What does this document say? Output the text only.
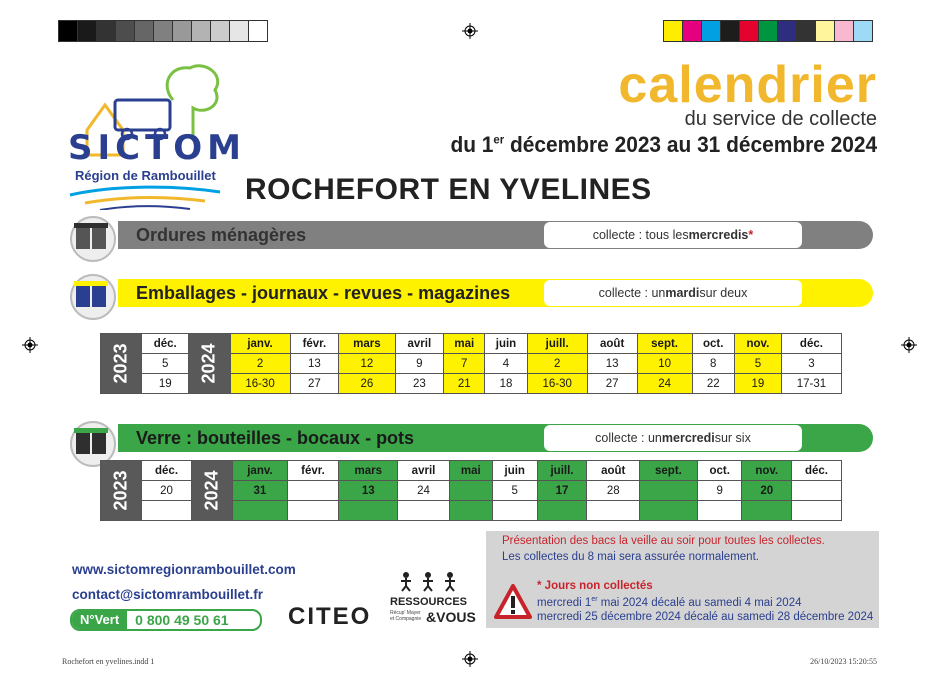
SICTOM
Région de Rambouillet
calendrier
du service de collecte
du 1er décembre 2023 au 31 décembre 2024
ROCHEFORT EN YVELINES
Ordures ménagères	collecte : tous les mercredis *
Emballages - journaux - revues - magazines	collecte : un mardi sur deux
2023	déc.	2024	janv.	févr.	mars	avril	mai	juin	juill.	août	sept.	oct.	nov.	déc.
	5		2	13	12	9	7	4	2	13	10	8	5	3
	19		16-30	27	26	23	21	18	16-30	27	24	22	19	17-31
Verre : bouteilles - bocaux - pots	collecte : un mercredi sur six
2023	déc.	2024	janv.	févr.	mars	avril	mai	juin	juill.	août	sept.	oct.	nov.	déc.
	20		31		13	24		5	17	28		9	20	

www.sictomregionrambouillet.com
contact@sictomrambouillet.fr
N°Vert	0 800 49 50 61 CITEO
RESSOURCES
Récup' Mayer et Compagnie &VOUS
Présentation des bacs la veille au soir pour toutes les collectes.
Les collectes du 8 mai sera assurée normalement.
* Jours non collectés
mercredi 1er mai 2024 décalé au samedi 4 mai 2024
mercredi 25 décembre 2024 décalé au samedi 28 décembre 2024
Rochefort en yvelines.indd 1	26/10/2023 15:20:55
